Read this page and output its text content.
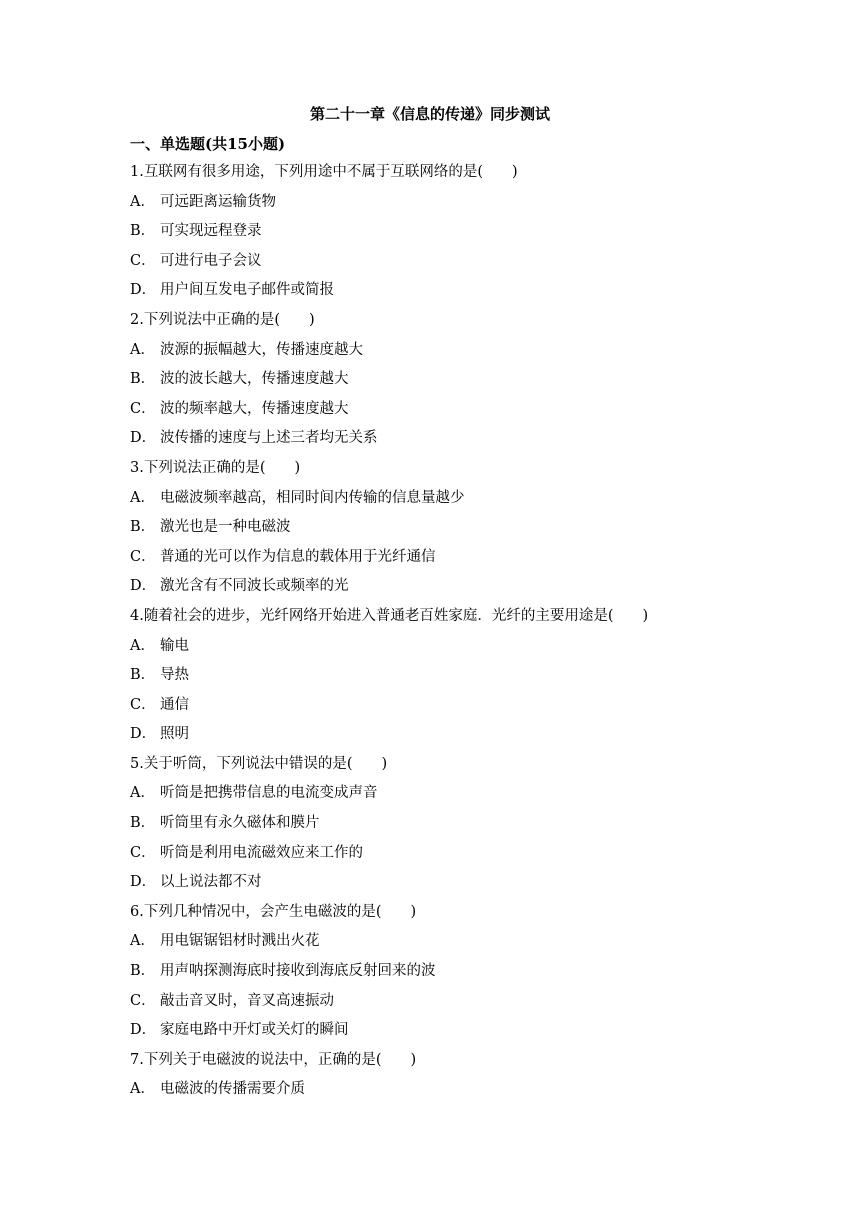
第二十一章《信息的传递》同步测试
一、单选题(共15小题)
1.互联网有很多用途，下列用途中不属于互联网络的是(　　)
A． 可远距离运输货物
B． 可实现远程登录
C． 可进行电子会议
D． 用户间互发电子邮件或简报
2.下列说法中正确的是(　　)
A． 波源的振幅越大，传播速度越大
B． 波的波长越大，传播速度越大
C． 波的频率越大，传播速度越大
D． 波传播的速度与上述三者均无关系
3.下列说法正确的是(　　)
A． 电磁波频率越高，相同时间内传输的信息量越少
B． 激光也是一种电磁波
C． 普通的光可以作为信息的载体用于光纤通信
D． 激光含有不同波长或频率的光
4.随着社会的进步，光纤网络开始进入普通老百姓家庭．光纤的主要用途是(　　)
A． 输电
B． 导热
C． 通信
D． 照明
5.关于听筒，下列说法中错误的是(　　)
A． 听筒是把携带信息的电流变成声音
B． 听筒里有永久磁体和膜片
C． 听筒是利用电流磁效应来工作的
D． 以上说法都不对
6.下列几种情况中，会产生电磁波的是(　　)
A． 用电锯锯铝材时溅出火花
B． 用声呐探测海底时接收到海底反射回来的波
C． 敲击音叉时，音叉高速振动
D． 家庭电路中开灯或关灯的瞬间
7.下列关于电磁波的说法中，正确的是(　　)
A． 电磁波的传播需要介质
